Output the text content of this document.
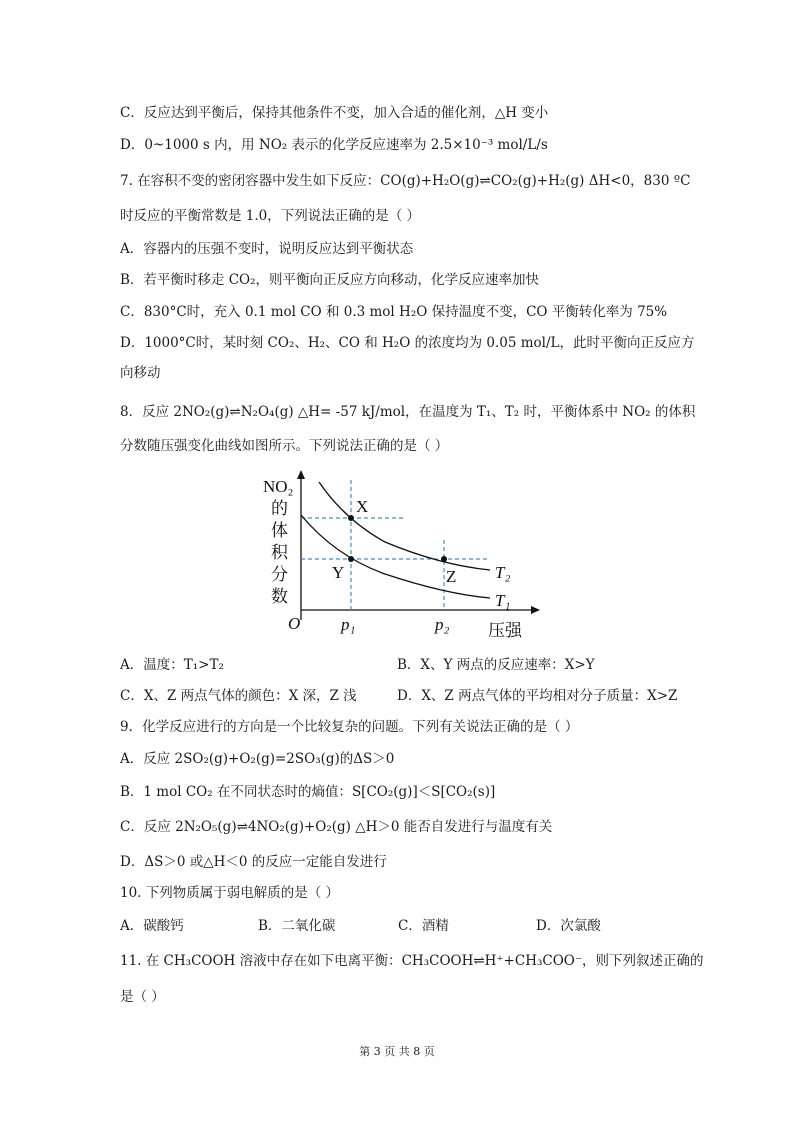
C．反应达到平衡后，保持其他条件不变，加入合适的催化剂，△H 变小
D．0~1000 s 内，用 NO₂ 表示的化学反应速率为 2.5×10⁻³ mol/L/s
7. 在容积不变的密闭容器中发生如下反应：CO(g)+H₂O(g)⇌CO₂(g)+H₂(g) ΔH<0，830 ºC
时反应的平衡常数是 1.0，下列说法正确的是（ ）
A．容器内的压强不变时，说明反应达到平衡状态
B．若平衡时移走 CO₂，则平衡向正反应方向移动，化学反应速率加快
C．830°C时，充入 0.1 mol CO 和 0.3 mol H₂O 保持温度不变，CO 平衡转化率为 75%
D．1000°C时，某时刻 CO₂、H₂、CO 和 H₂O 的浓度均为 0.05 mol/L，此时平衡向正反应方
向移动
8．反应 2NO₂(g)⇌N₂O₄(g) △H= -57 kJ/mol，在温度为 T₁、T₂ 时，平衡体系中 NO₂ 的体积
分数随压强变化曲线如图所示。下列说法正确的是（ ）
NO₂
的
体
积
分
数
O p₁	p₂ 压强
X
Y	Z T₂
T₁
A．温度：T₁>T₂	B．X、Y 两点的反应速率：X>Y
C．X、Z 两点气体的颜色：X 深，Z 浅	D．X、Z 两点气体的平均相对分子质量：X>Z
9．化学反应进行的方向是一个比较复杂的问题。下列有关说法正确的是（ ）
A．反应 2SO₂(g)+O₂(g)=2SO₃(g)的ΔS＞0
B．1 mol CO₂ 在不同状态时的熵值：S[CO₂(g)]＜S[CO₂(s)]
C．反应 2N₂O₅(g)⇌4NO₂(g)+O₂(g) △H＞0 能否自发进行与温度有关
D．ΔS＞0 或△H＜0 的反应一定能自发进行
10. 下列物质属于弱电解质的是（ ）
A．碳酸钙	B．二氧化碳	C．酒精	D．次氯酸
11. 在 CH₃COOH 溶液中存在如下电离平衡：CH₃COOH⇌H⁺+CH₃COO⁻，则下列叙述正确的
是（ ）
第 3 页 共 8 页
